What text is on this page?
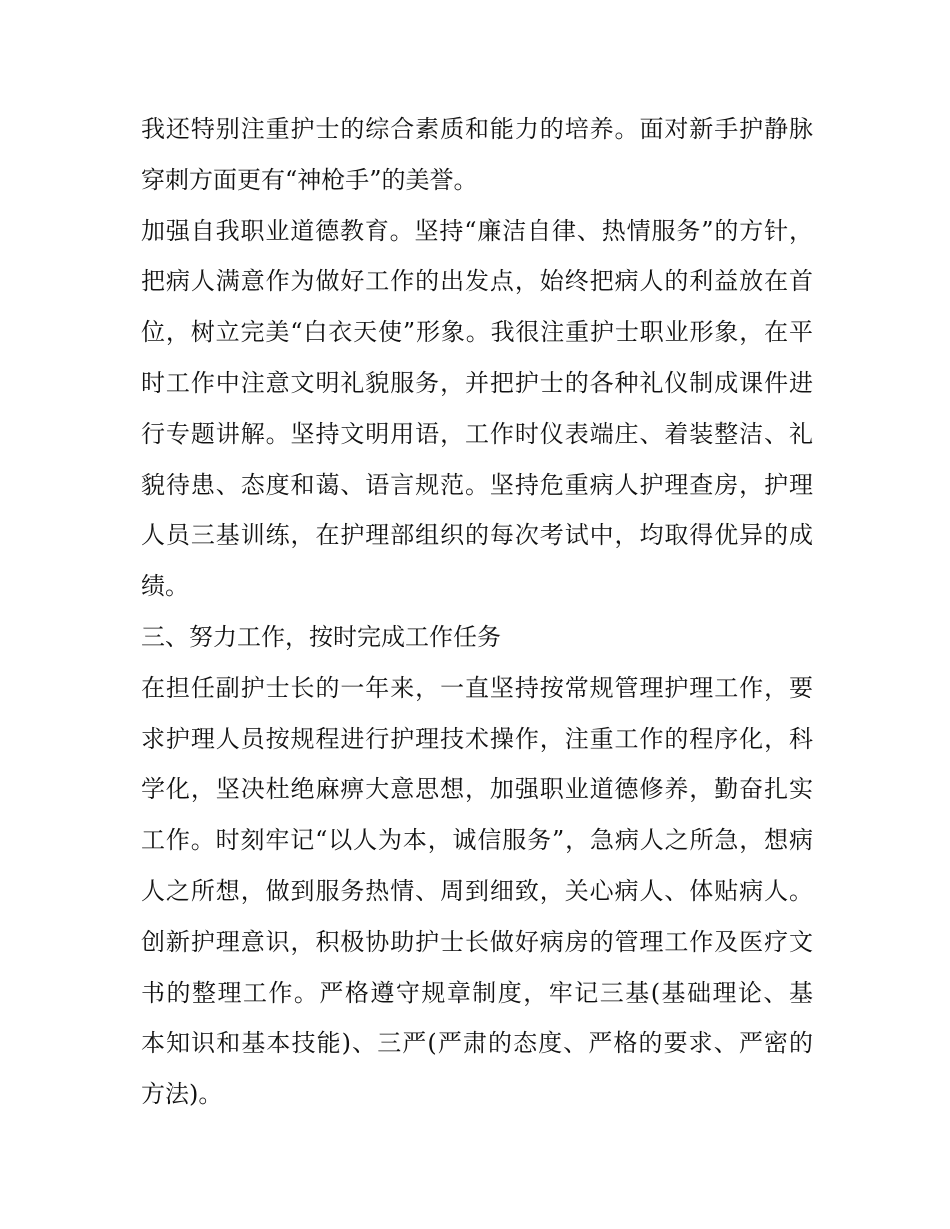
我还特别注重护士的综合素质和能力的培养。面对新手护静脉
穿刺方面更有“神枪手”的美誉。
加强自我职业道德教育。坚持“廉洁自律、热情服务”的方针，
把病人满意作为做好工作的出发点，始终把病人的利益放在首
位，树立完美“白衣天使”形象。我很注重护士职业形象，在平
时工作中注意文明礼貌服务，并把护士的各种礼仪制成课件进
行专题讲解。坚持文明用语，工作时仪表端庄、着装整洁、礼
貌待患、态度和蔼、语言规范。坚持危重病人护理查房，护理
人员三基训练，在护理部组织的每次考试中，均取得优异的成
绩。
三、努力工作，按时完成工作任务
在担任副护士长的一年来，一直坚持按常规管理护理工作，要
求护理人员按规程进行护理技术操作，注重工作的程序化，科
学化，坚决杜绝麻痹大意思想，加强职业道德修养，勤奋扎实
工作。时刻牢记“以人为本，诚信服务”，急病人之所急，想病
人之所想，做到服务热情、周到细致，关心病人、体贴病人。
创新护理意识，积极协助护士长做好病房的管理工作及医疗文
书的整理工作。严格遵守规章制度，牢记三基(基础理论、基
本知识和基本技能)、三严(严肃的态度、严格的要求、严密的
方法)。
